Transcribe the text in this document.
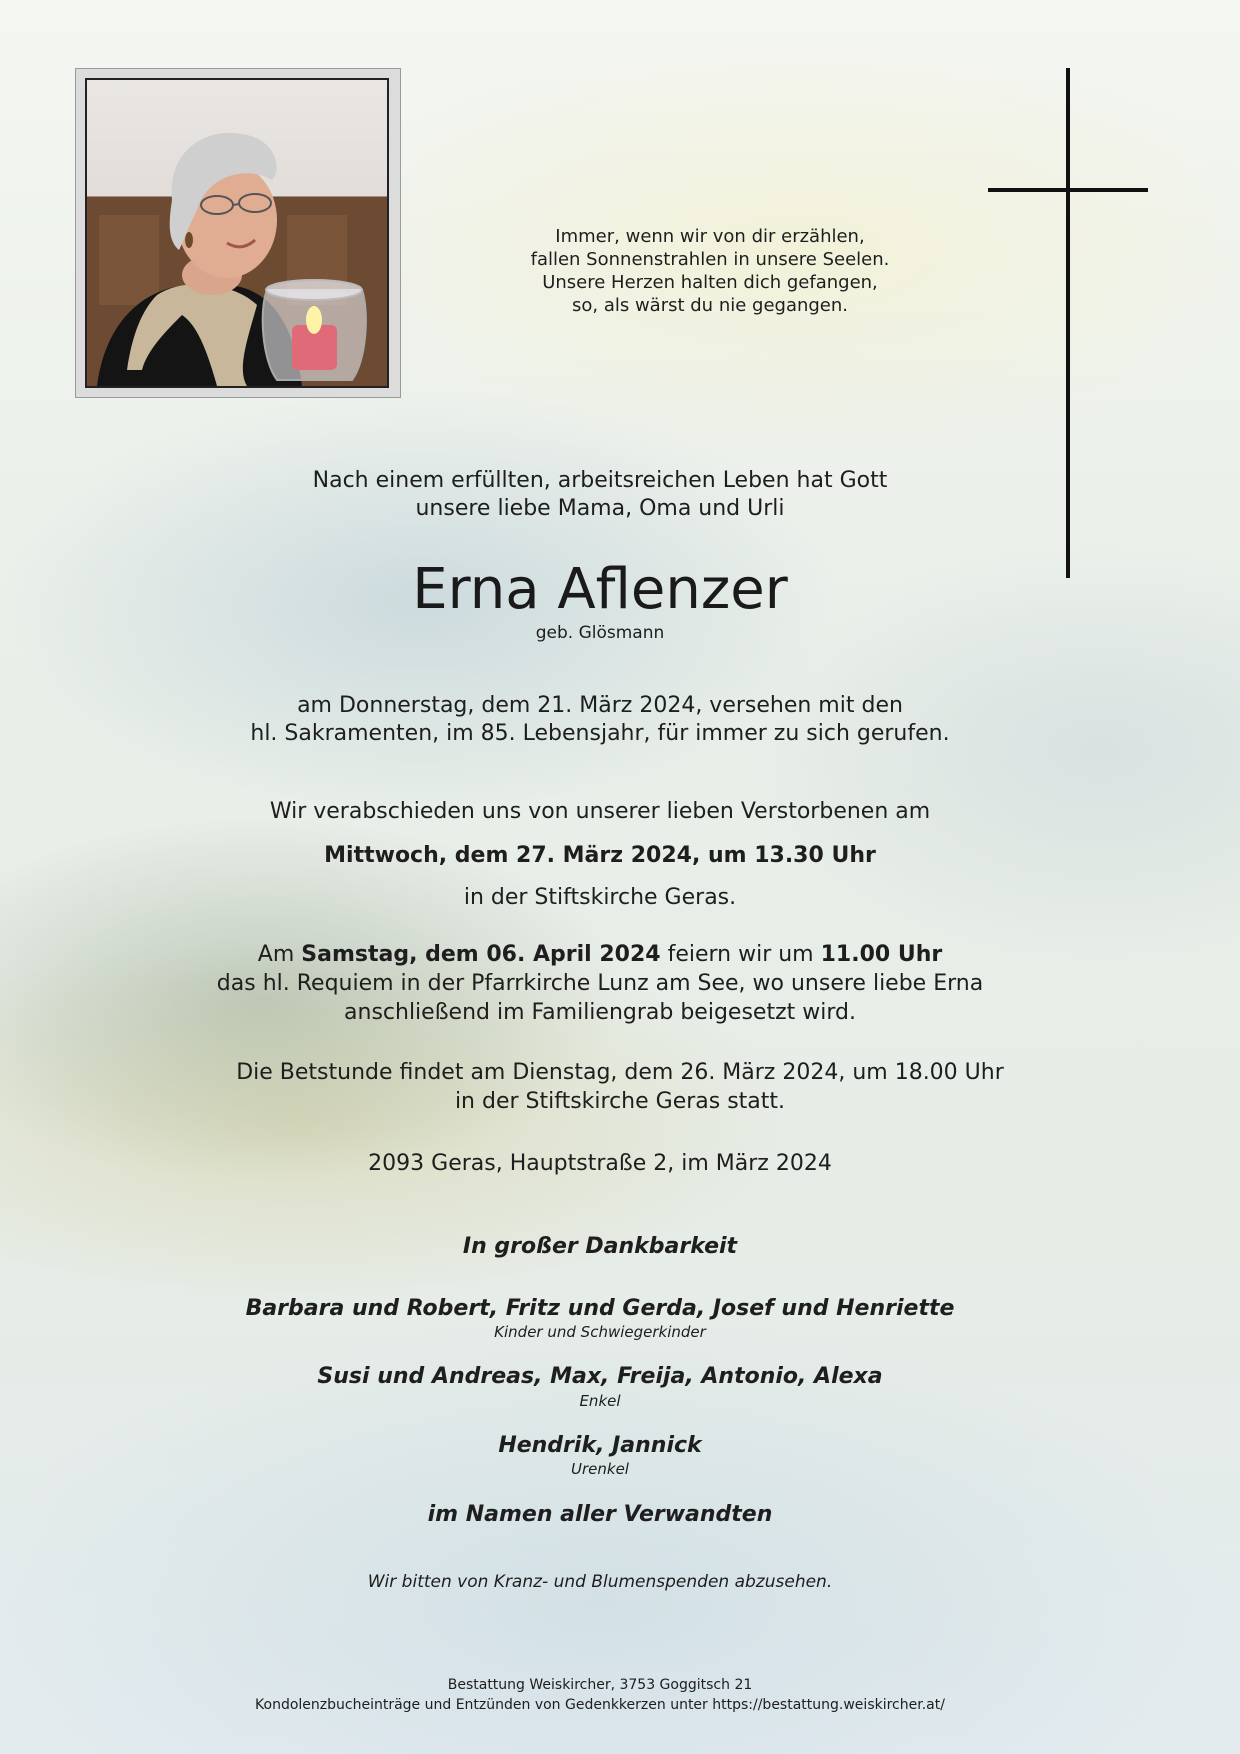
Immer, wenn wir von dir erzählen,
fallen Sonnenstrahlen in unsere Seelen.
Unsere Herzen halten dich gefangen,
so, als wärst du nie gegangen.
Nach einem erfüllten, arbeitsreichen Leben hat Gott
unsere liebe Mama, Oma und Urli
Erna Aflenzer
geb. Glösmann
am Donnerstag, dem 21. März 2024, versehen mit den
hl. Sakramenten, im 85. Lebensjahr, für immer zu sich gerufen.
Wir verabschieden uns von unserer lieben Verstorbenen am
Mittwoch, dem 27. März 2024, um 13.30 Uhr
in der Stiftskirche Geras.
Am Samstag, dem 06. April 2024 feiern wir um 11.00 Uhr
das hl. Requiem in der Pfarrkirche Lunz am See, wo unsere liebe Erna
anschließend im Familiengrab beigesetzt wird.
Die Betstunde findet am Dienstag, dem 26. März 2024, um 18.00 Uhr
in der Stiftskirche Geras statt.
2093 Geras, Hauptstraße 2, im März 2024
In großer Dankbarkeit
Barbara und Robert, Fritz und Gerda, Josef und Henriette
Kinder und Schwiegerkinder
Susi und Andreas, Max, Freija, Antonio, Alexa
Enkel
Hendrik, Jannick
Urenkel
im Namen aller Verwandten
Wir bitten von Kranz- und Blumenspenden abzusehen.
Bestattung Weiskircher, 3753 Goggitsch 21
Kondolenzbucheinträge und Entzünden von Gedenkkerzen unter https://bestattung.weiskircher.at/
